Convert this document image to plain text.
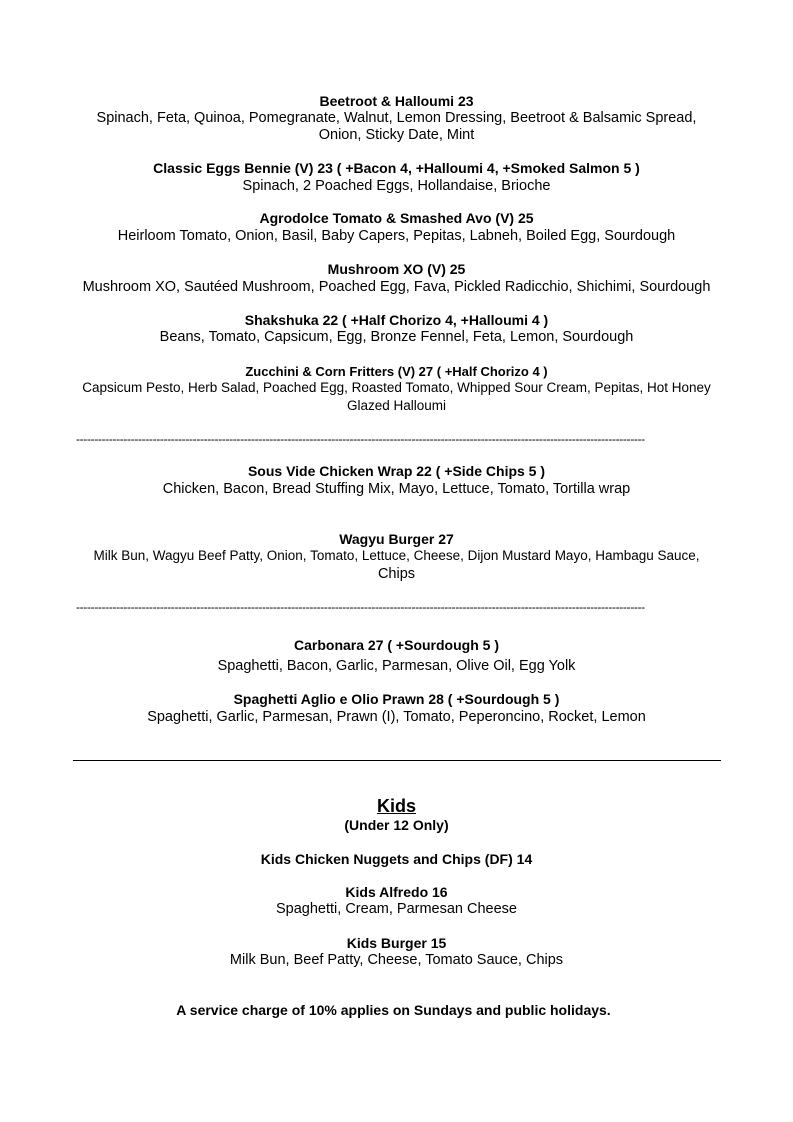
Beetroot & Halloumi 23
Spinach, Feta, Quinoa, Pomegranate, Walnut, Lemon Dressing, Beetroot & Balsamic Spread,
Onion, Sticky Date, Mint
Classic Eggs Bennie (V) 23 ( +Bacon 4, +Halloumi 4, +Smoked Salmon 5 )
Spinach, 2 Poached Eggs, Hollandaise, Brioche
Agrodolce Tomato & Smashed Avo (V) 25
Heirloom Tomato, Onion, Basil, Baby Capers, Pepitas, Labneh, Boiled Egg, Sourdough
Mushroom XO (V) 25
Mushroom XO, Sautéed Mushroom, Poached Egg, Fava, Pickled Radicchio, Shichimi, Sourdough
Shakshuka 22 ( +Half Chorizo 4, +Halloumi 4 )
Beans, Tomato, Capsicum, Egg, Bronze Fennel, Feta, Lemon, Sourdough
Zucchini & Corn Fritters (V) 27 ( +Half Chorizo 4 )
Capsicum Pesto, Herb Salad, Poached Egg, Roasted Tomato, Whipped Sour Cream, Pepitas, Hot Honey
Glazed Halloumi
------------------------------------------------------------------------------------------------------------------------------------------------------------
Sous Vide Chicken Wrap 22 ( +Side Chips 5 )
Chicken, Bacon, Bread Stuffing Mix, Mayo, Lettuce, Tomato, Tortilla wrap
Wagyu Burger 27
Milk Bun, Wagyu Beef Patty, Onion, Tomato, Lettuce, Cheese, Dijon Mustard Mayo, Hambagu Sauce,
Chips
------------------------------------------------------------------------------------------------------------------------------------------------------------
Carbonara 27 ( +Sourdough 5 )
Spaghetti, Bacon, Garlic, Parmesan, Olive Oil, Egg Yolk
Spaghetti Aglio e Olio Prawn 28 ( +Sourdough 5 )
Spaghetti, Garlic, Parmesan, Prawn (I), Tomato, Peperoncino, Rocket, Lemon
Kids
(Under 12 Only)
Kids Chicken Nuggets and Chips (DF) 14
Kids Alfredo 16
Spaghetti, Cream, Parmesan Cheese
Kids Burger 15
Milk Bun, Beef Patty, Cheese, Tomato Sauce, Chips
A service charge of 10% applies on Sundays and public holidays.
